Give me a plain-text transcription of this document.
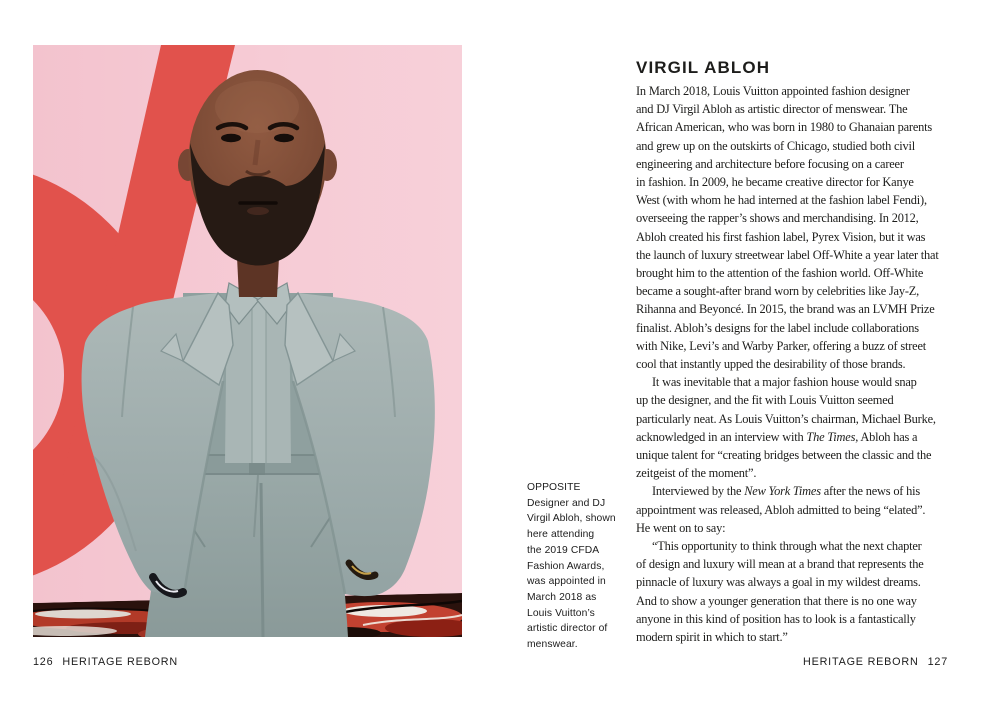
126 HERITAGE REBORN
VIRGIL ABLOH
In March 2018, Louis Vuitton appointed fashion designer
and DJ Virgil Abloh as artistic director of menswear. The
African American, who was born in 1980 to Ghanaian parents
and grew up on the outskirts of Chicago, studied both civil
engineering and architecture before focusing on a career
in fashion. In 2009, he became creative director for Kanye
West (with whom he had interned at the fashion label Fendi),
overseeing the rapper’s shows and merchandising. In 2012,
Abloh created his first fashion label, Pyrex Vision, but it was
the launch of luxury streetwear label Off-White a year later that
brought him to the attention of the fashion world. Off-White
became a sought-after brand worn by celebrities like Jay-Z,
Rihanna and Beyoncé. In 2015, the brand was an LVMH Prize
finalist. Abloh’s designs for the label include collaborations
with Nike, Levi’s and Warby Parker, offering a buzz of street
cool that instantly upped the desirability of those brands.
It was inevitable that a major fashion house would snap
up the designer, and the fit with Louis Vuitton seemed
particularly neat. As Louis Vuitton’s chairman, Michael Burke,
acknowledged in an interview with The Times, Abloh has a
unique talent for “creating bridges between the classic and the
zeitgeist of the moment”.
Interviewed by the New York Times after the news of his
appointment was released, Abloh admitted to being “elated”.
He went on to say:
“This opportunity to think through what the next chapter
of design and luxury will mean at a brand that represents the
pinnacle of luxury was always a goal in my wildest dreams.
And to show a younger generation that there is no one way
anyone in this kind of position has to look is a fantastically
modern spirit in which to start.”
OPPOSITE
Designer and DJ
Virgil Abloh, shown
here attending
the 2019 CFDA
Fashion Awards,
was appointed in
March 2018 as
Louis Vuitton’s
artistic director of
menswear.
HERITAGE REBORN 127
